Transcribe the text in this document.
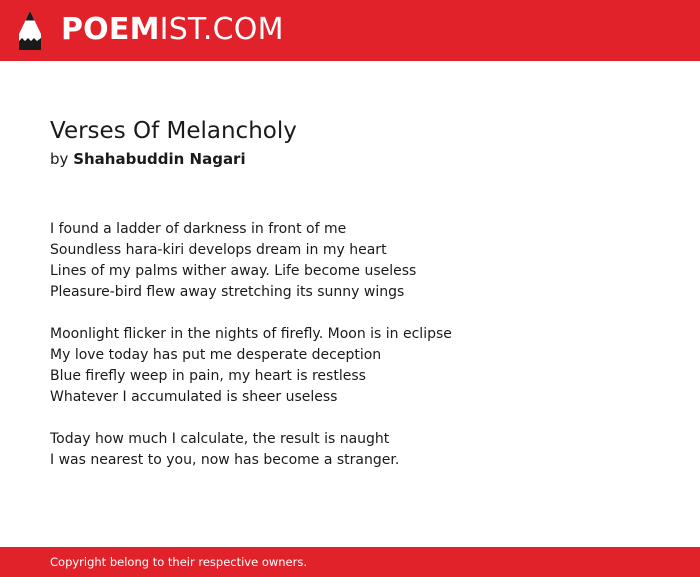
POEMIST.COM
Verses Of Melancholy
by Shahabuddin Nagari
I found a ladder of darkness in front of me
Soundless hara-kiri develops dream in my heart
Lines of my palms wither away. Life become useless
Pleasure-bird flew away stretching its sunny wings
Moonlight flicker in the nights of firefly. Moon is in eclipse
My love today has put me desperate deception
Blue firefly weep in pain, my heart is restless
Whatever I accumulated is sheer useless
Today how much I calculate, the result is naught
I was nearest to you, now has become a stranger.
Copyright belong to their respective owners.
